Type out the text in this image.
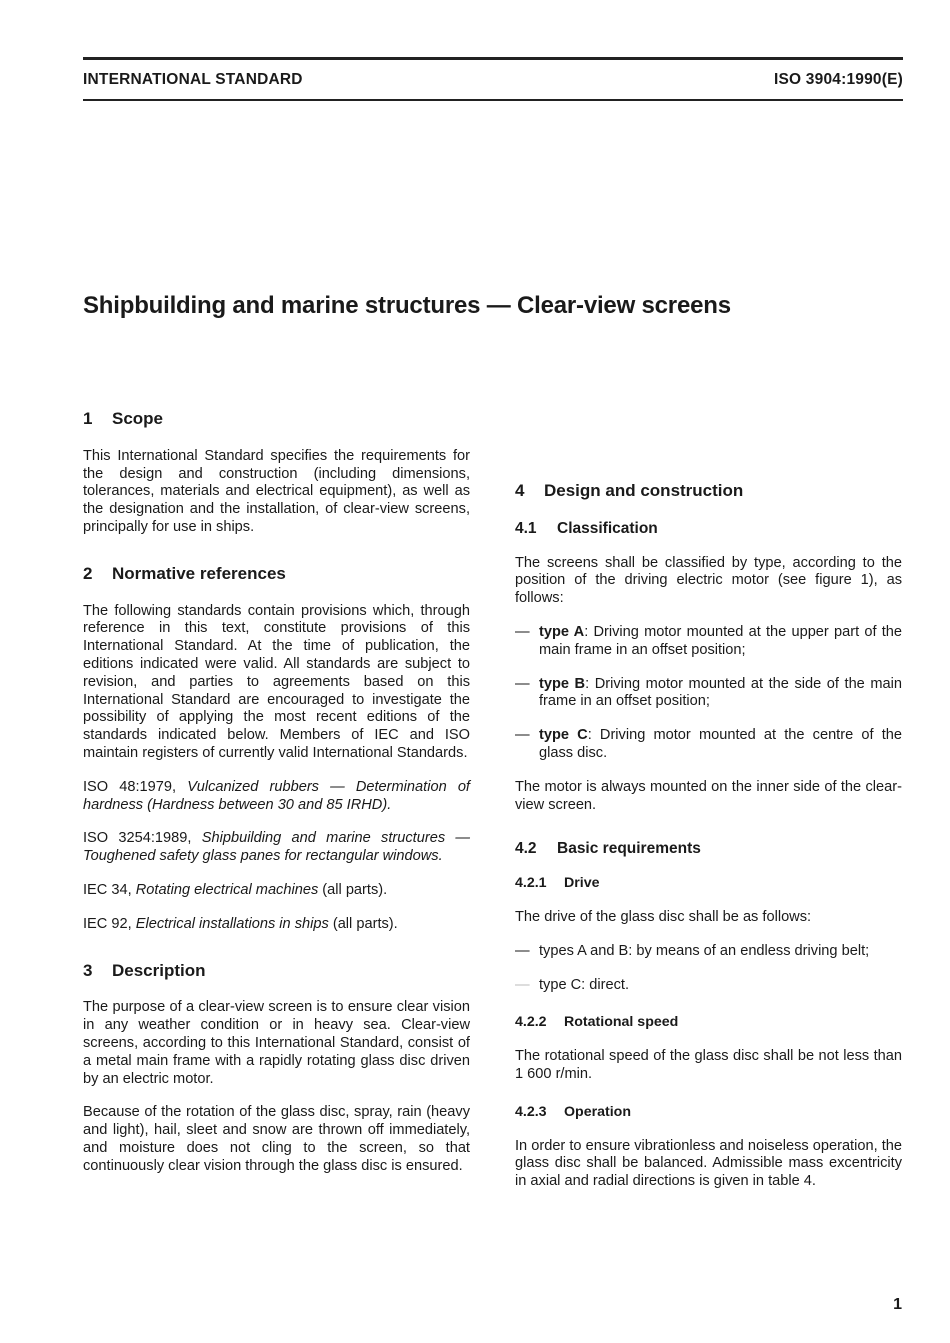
INTERNATIONAL STANDARD	ISO 3904:1990(E)
Shipbuilding and marine structures — Clear-view screens
1	Scope

This International Standard specifies the requirements for the design and construction (including dimensions, tolerances, materials and electrical equipment), as well as the designation and the installation, of clear-view screens, principally for use in ships.

2	Normative references

The following standards contain provisions which, through reference in this text, constitute provisions of this International Standard. At the time of publication, the editions indicated were valid. All standards are subject to revision, and parties to agreements based on this International Standard are encouraged to investigate the possibility of applying the most recent editions of the standards indicated below. Members of IEC and ISO maintain registers of currently valid International Standards.

ISO 48:1979, Vulcanized rubbers — Determination of hardness (Hardness between 30 and 85 IRHD).

ISO 3254:1989, Shipbuilding and marine structures — Toughened safety glass panes for rectangular windows.

IEC 34, Rotating electrical machines (all parts).

IEC 92, Electrical installations in ships (all parts).

3	Description

The purpose of a clear-view screen is to ensure clear vision in any weather condition or in heavy sea. Clear-view screens, according to this International Standard, consist of a metal main frame with a rapidly rotating glass disc driven by an electric motor.

Because of the rotation of the glass disc, spray, rain (heavy and light), hail, sleet and snow are thrown off immediately, and moisture does not cling to the screen, so that continuously clear vision through the glass disc is ensured.

4	Design and construction
4.1	Classification

The screens shall be classified by type, according to the position of the driving electric motor (see figure 1), as follows:

— type A: Driving motor mounted at the upper part of the main frame in an offset position;
— type B: Driving motor mounted at the side of the main frame in an offset position;
— type C: Driving motor mounted at the centre of the glass disc.

The motor is always mounted on the inner side of the clear-view screen.

4.2	Basic requirements
4.2.1	Drive

The drive of the glass disc shall be as follows:

— types A and B: by means of an endless driving belt;
— type C: direct.
4.2.2	Rotational speed

The rotational speed of the glass disc shall be not less than 1 600 r/min.

4.2.3	Operation

In order to ensure vibrationless and noiseless operation, the glass disc shall be balanced. Admissible mass excentricity in axial and radial directions is given in table 4.

1
